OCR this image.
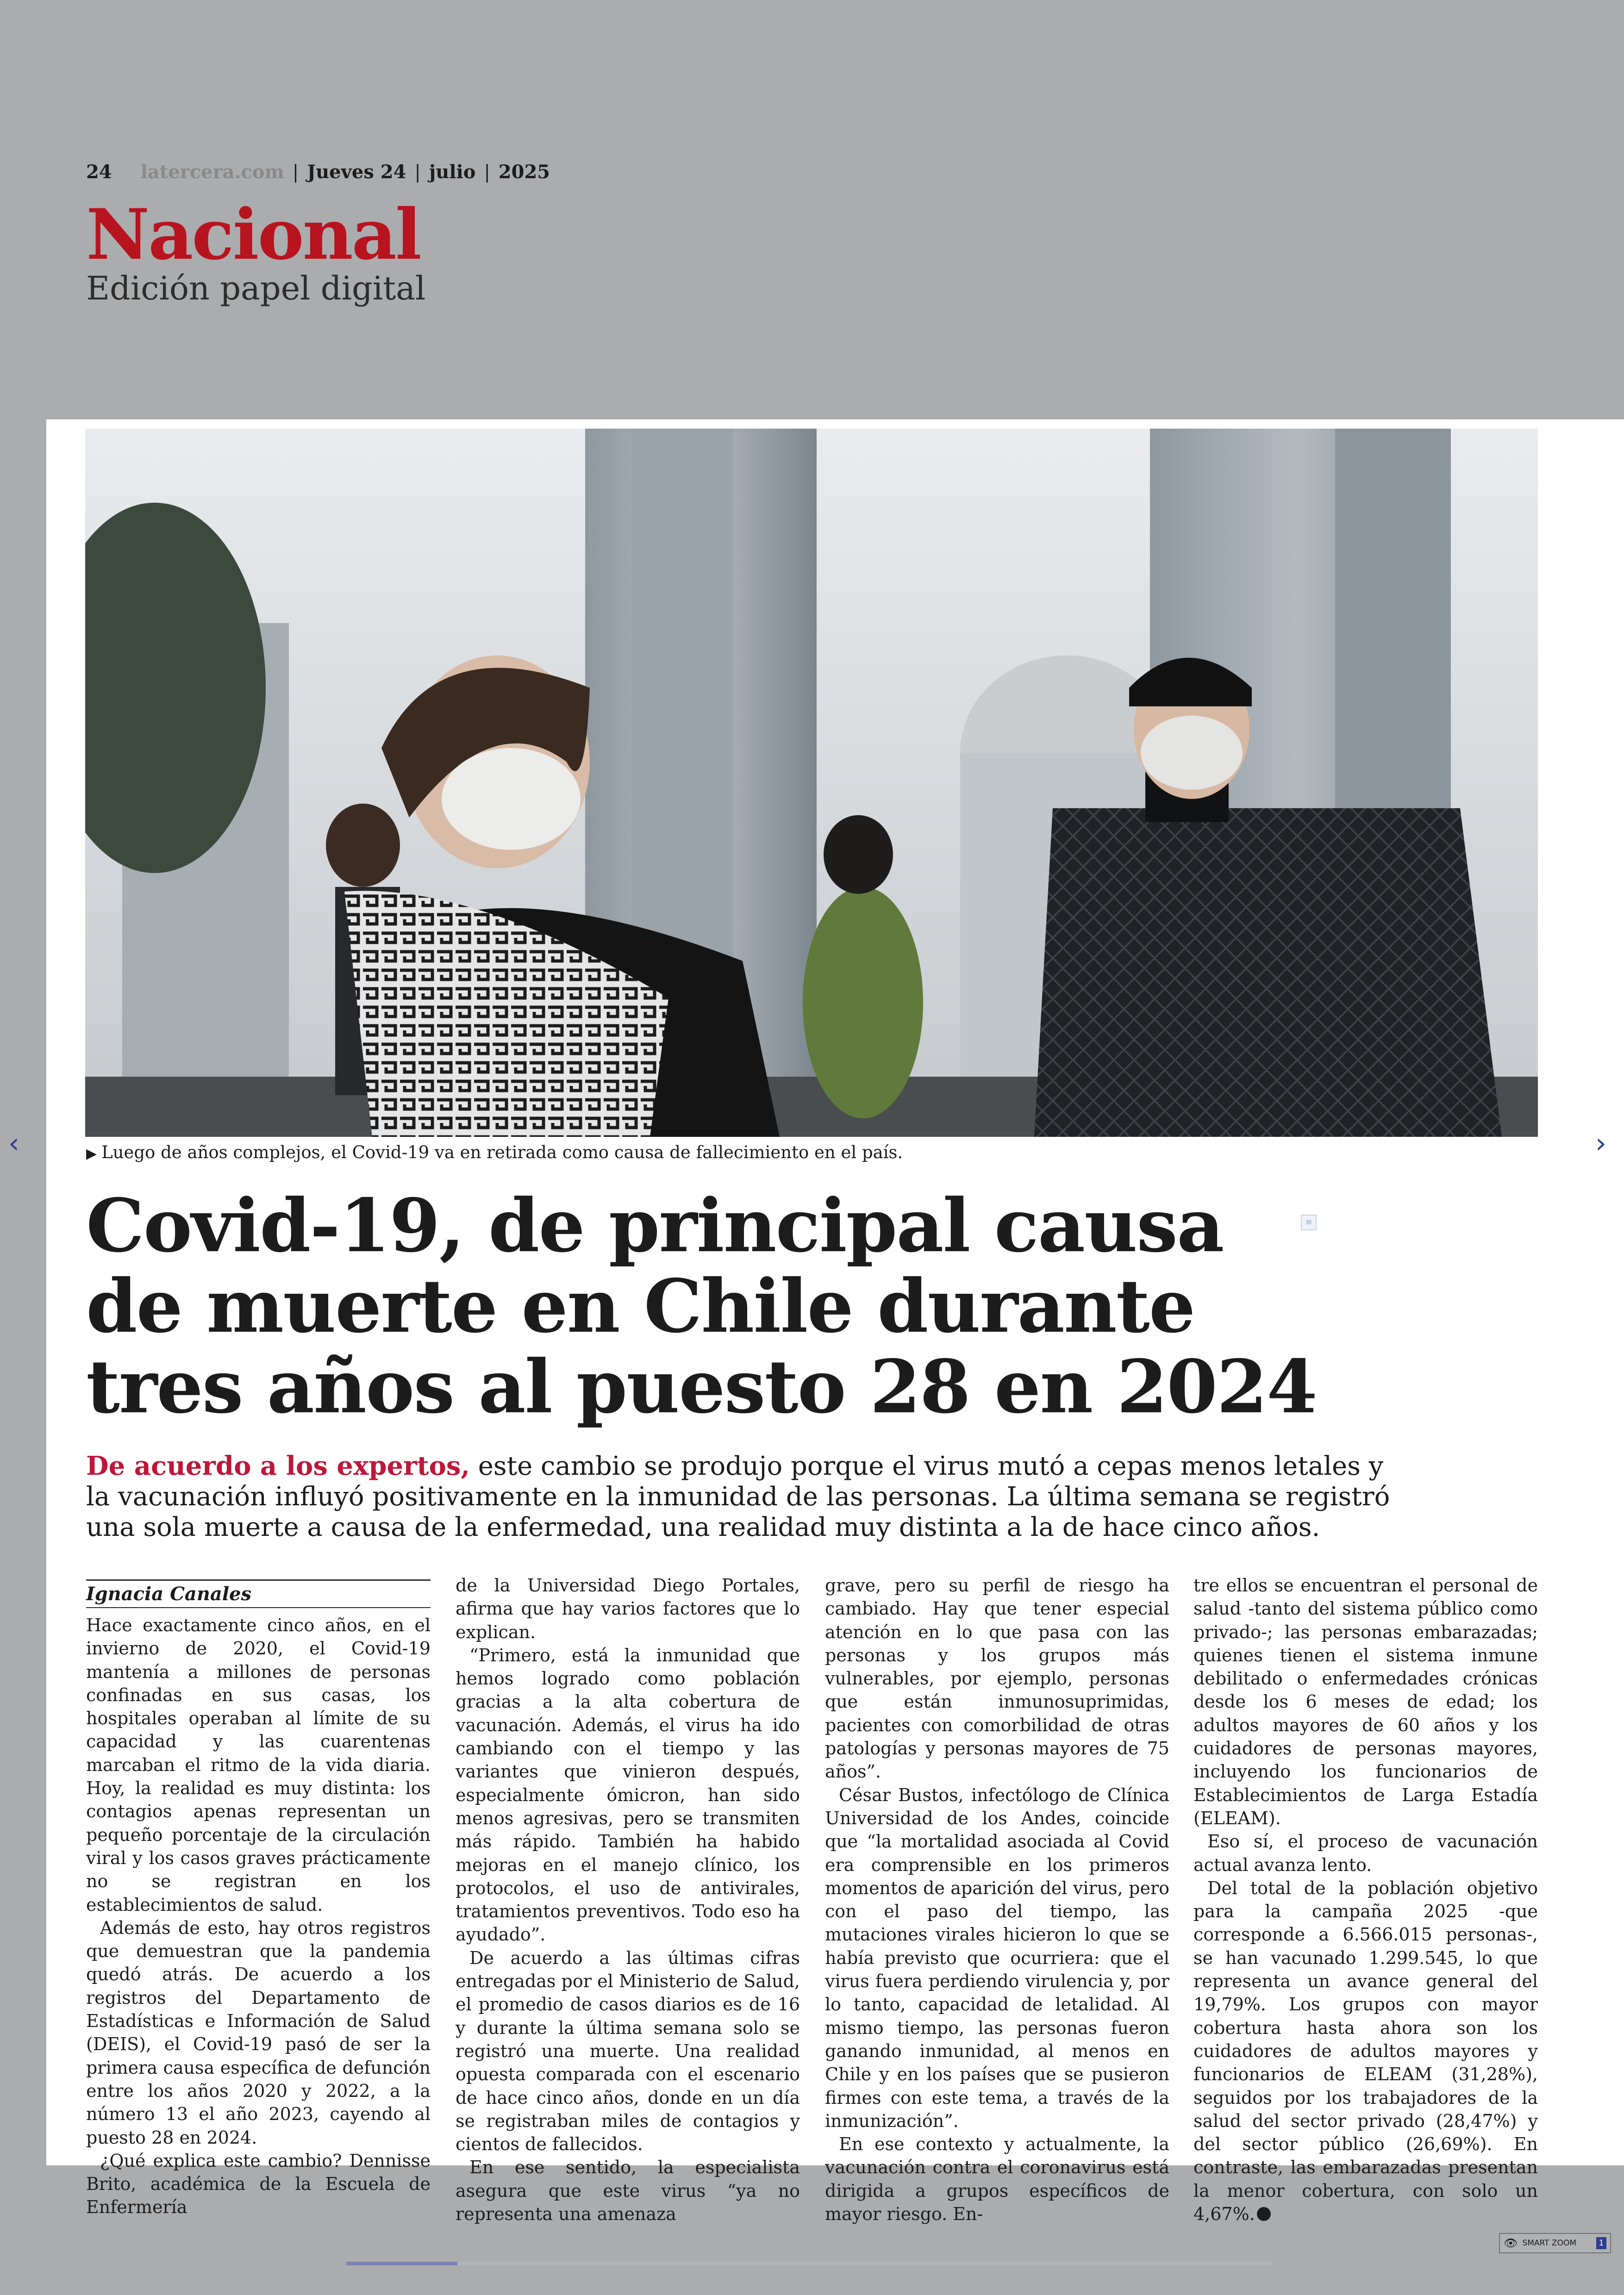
24 latercera.com | Jueves 24 | julio | 2025
Nacional
Edición papel digital
▶ Luego de años complejos, el Covid-19 va en retirada como causa de fallecimiento en el país.
≡
Covid-19, de principal causa
de muerte en Chile durante
tres años al puesto 28 en 2024
De acuerdo a los expertos, este cambio se produjo porque el virus mutó a cepas menos letales y
la vacunación influyó positivamente en la inmunidad de las personas. La última semana se registró
una sola muerte a causa de la enfermedad, una realidad muy distinta a la de hace cinco años.
Ignacia Canales

Hace exactamente cinco años, en el invierno de 2020, el Covid-19 mantenía a millones de personas confinadas en sus casas, los hospitales operaban al límite de su capacidad y las cuarentenas marcaban el ritmo de la vida diaria. Hoy, la realidad es muy distinta: los contagios apenas representan un pequeño porcentaje de la circulación viral y los casos graves prácticamente no se registran en los establecimientos de salud.

Además de esto, hay otros registros que demuestran que la pandemia quedó atrás. De acuerdo a los registros del Departamento de Estadísticas e Información de Salud (DEIS), el Covid-19 pasó de ser la primera causa específica de defunción entre los años 2020 y 2022, a la número 13 el año 2023, cayendo al puesto 28 en 2024.

¿Qué explica este cambio? Dennisse Brito, académica de la Escuela de Enfermería

de la Universidad Diego Portales, afirma que hay varios factores que lo explican.

“Primero, está la inmunidad que hemos logrado como población gracias a la alta cobertura de vacunación. Además, el virus ha ido cambiando con el tiempo y las variantes que vinieron después, especialmente ómicron, han sido menos agresivas, pero se transmiten más rápido. También ha habido mejoras en el manejo clínico, los protocolos, el uso de antivirales, tratamientos preventivos. Todo eso ha ayudado”.

De acuerdo a las últimas cifras entregadas por el Ministerio de Salud, el promedio de casos diarios es de 16 y durante la última semana solo se registró una muerte. Una realidad opuesta comparada con el escenario de hace cinco años, donde en un día se registraban miles de contagios y cientos de fallecidos.

En ese sentido, la especialista asegura que este virus “ya no representa una amenaza

grave, pero su perfil de riesgo ha cambiado. Hay que tener especial atención en lo que pasa con las personas y los grupos más vulnerables, por ejemplo, personas que están inmunosuprimidas, pacientes con comorbilidad de otras patologías y personas mayores de 75 años”.

César Bustos, infectólogo de Clínica Universidad de los Andes, coincide que “la mortalidad asociada al Covid era comprensible en los primeros momentos de aparición del virus, pero con el paso del tiempo, las mutaciones virales hicieron lo que se había previsto que ocurriera: que el virus fuera perdiendo virulencia y, por lo tanto, capacidad de letalidad. Al mismo tiempo, las personas fueron ganando inmunidad, al menos en Chile y en los países que se pusieron firmes con este tema, a través de la inmunización”.

En ese contexto y actualmente, la vacunación contra el coronavirus está dirigida a grupos específicos de mayor riesgo. En-

tre ellos se encuentran el personal de salud -tanto del sistema público como privado-; las personas embarazadas; quienes tienen el sistema inmune debilitado o enfermedades crónicas desde los 6 meses de edad; los adultos mayores de 60 años y los cuidadores de personas mayores, incluyendo los funcionarios de Establecimientos de Larga Estadía (ELEAM).

Eso sí, el proceso de vacunación actual avanza lento.

Del total de la población objetivo para la campaña 2025 -que corresponde a 6.566.015 personas-, se han vacunado 1.299.545, lo que representa un avance general del 19,79%. Los grupos con mayor cobertura hasta ahora son los cuidadores de adultos mayores y funcionarios de ELEAM (31,28%), seguidos por los trabajadores de la salud del sector privado (28,47%) y del sector público (26,69%). En contraste, las embarazadas presentan la menor cobertura, con solo un 4,67%.

‹	›
👁 SMART ZOOM	1
